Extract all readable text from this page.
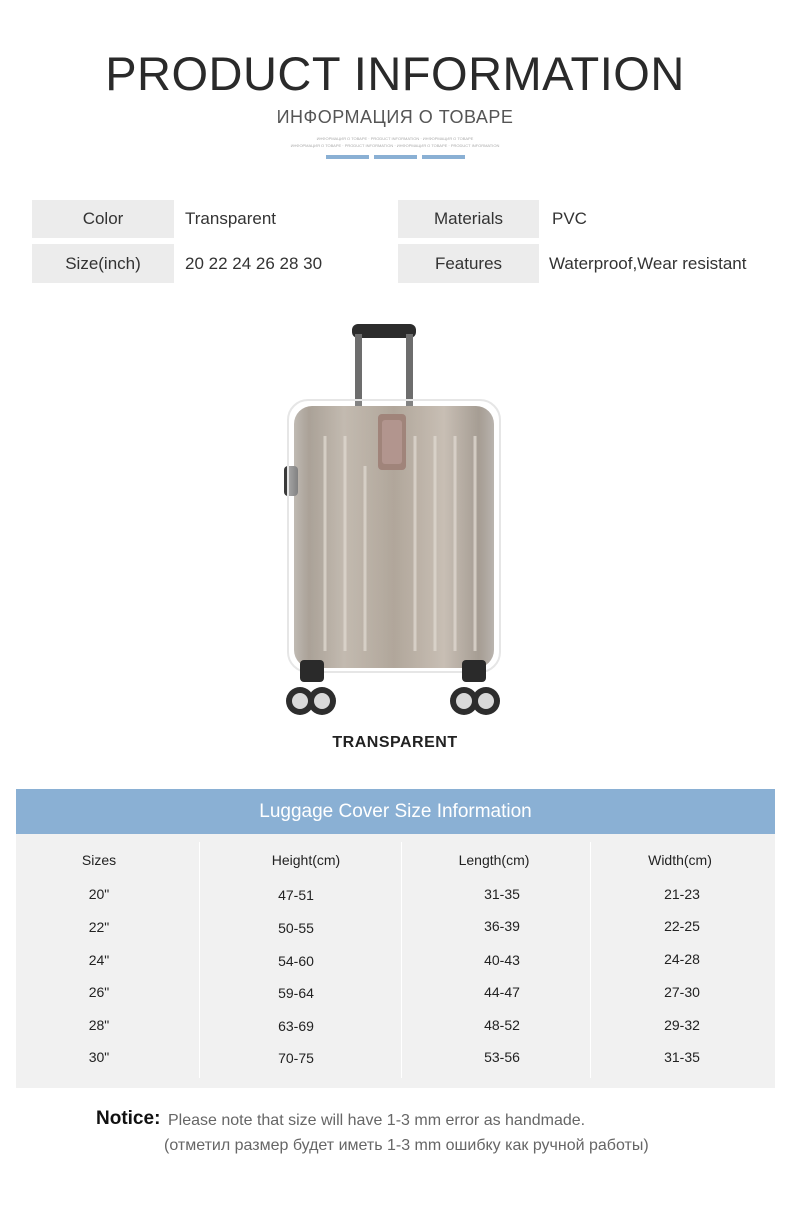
PRODUCT INFORMATION
ИНФОРМАЦИЯ О ТОВАРЕ
ИНФОРМАЦИЯ О ТОВАРЕ · PRODUCT INFORMATION · ИНФОРМАЦИЯ О ТОВАРЕ
ИНФОРМАЦИЯ О ТОВАРЕ · PRODUCT INFORMATION · ИНФОРМАЦИЯ О ТОВАРЕ · PRODUCT INFORMATION
Color	Transparent	Materials	PVC
Size(inch)	20 22 24 26 28 30	Features	Waterproof,Wear resistant
TRANSPARENT
Luggage Cover Size Information
Sizes	Height(cm)	Length(cm)	Width(cm)
20"	47-51	31-35	21-23
22"	50-55	36-39	22-25
24"	54-60	40-43	24-28
26"	59-64	44-47	27-30
28"	63-69	48-52	29-32
30"	70-75	53-56	31-35
Notice: Please note that size will have 1-3 mm error as handmade.
(отметил размер будет иметь 1-3 mm ошибку как ручной работы)
